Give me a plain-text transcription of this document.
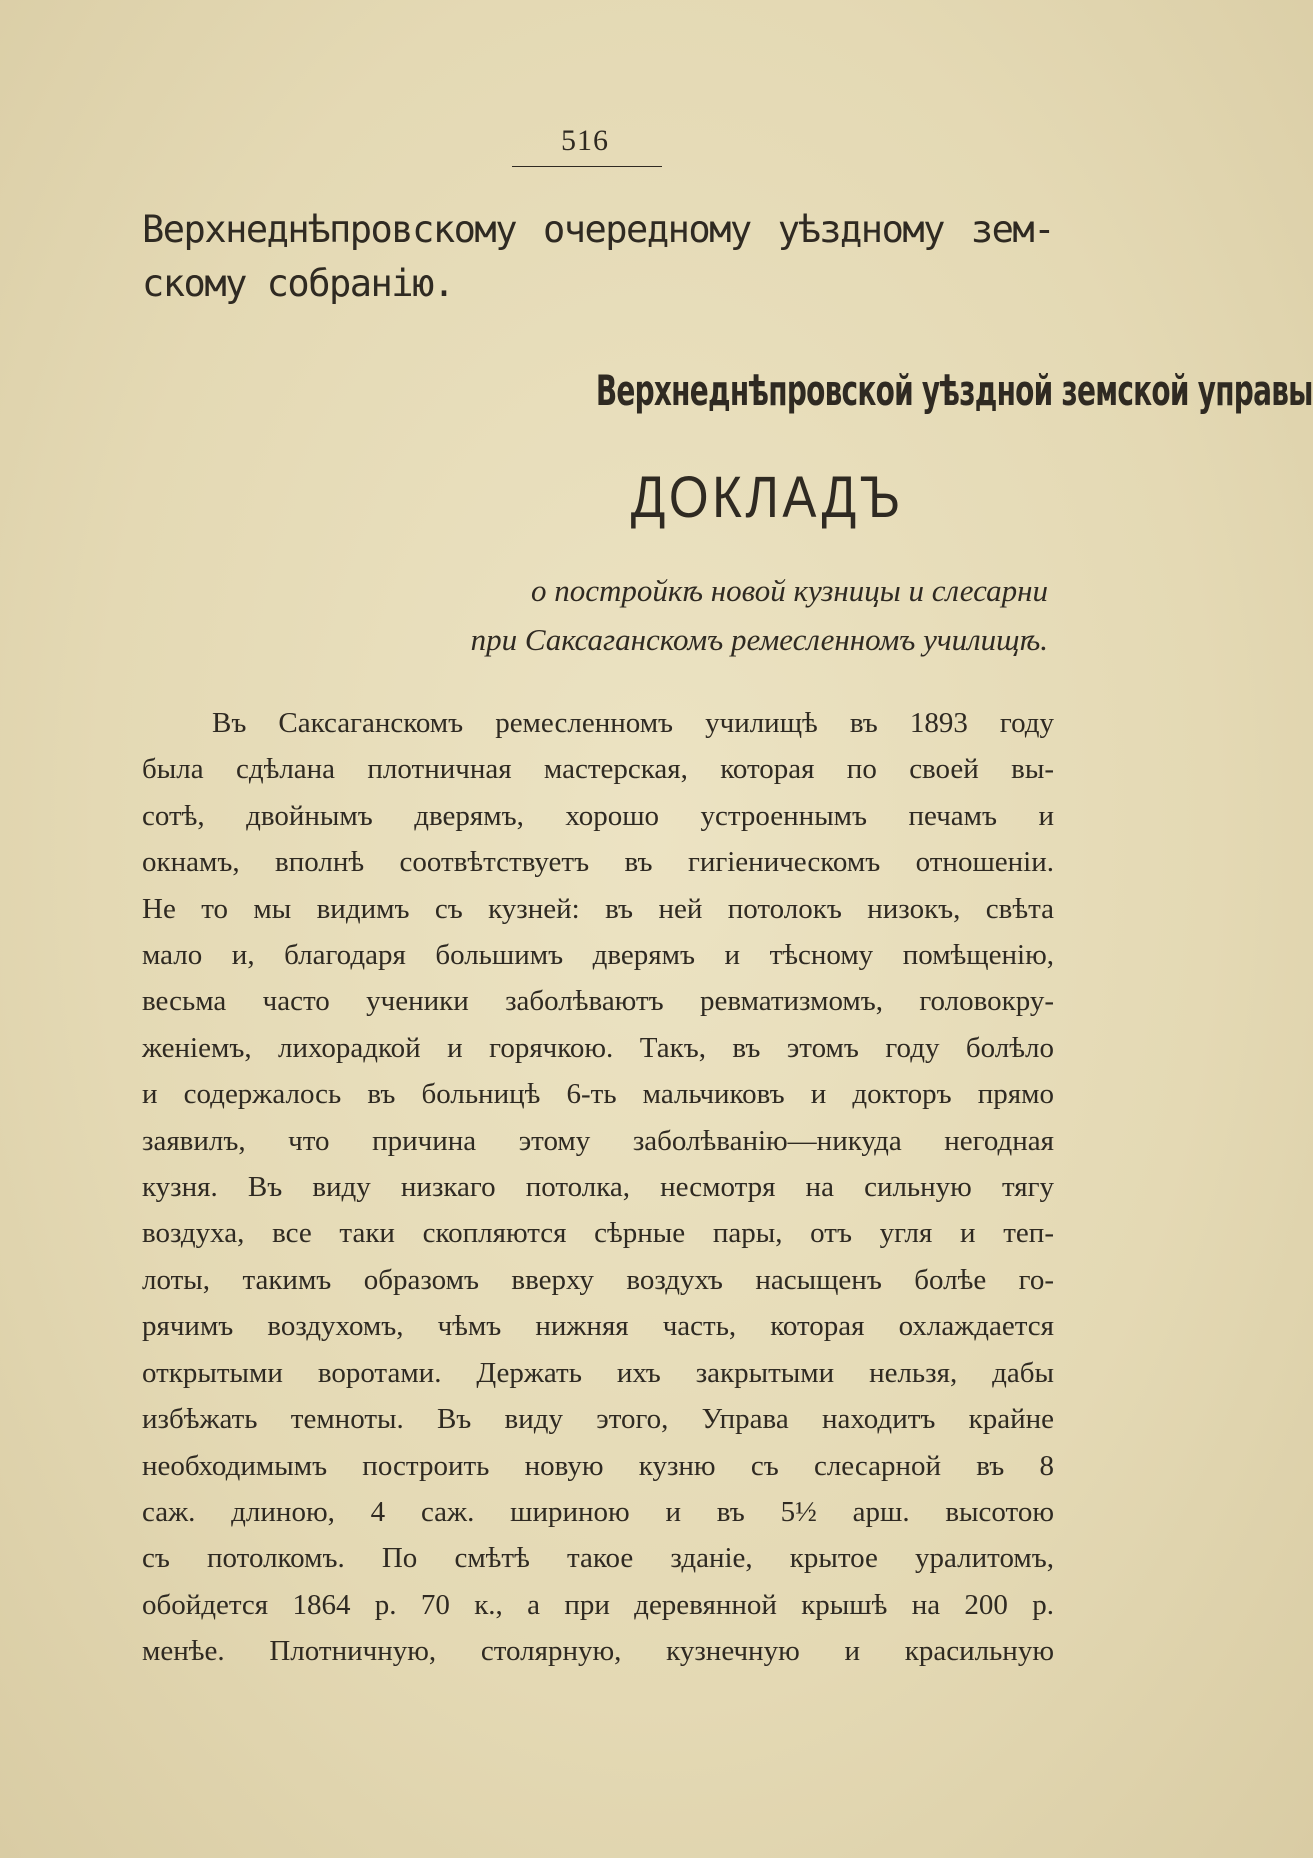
516
Верхнеднѣпровскому очередному уѣздному зем-
скому собранію.
Верхнеднѣпровской уѣздной земской управы
ДОКЛАДЪ
о постройкѣ новой кузницы и слесарни
при Саксаганскомъ ремесленномъ училищѣ.
Въ Саксаганскомъ ремесленномъ училищѣ въ 1893 году
была сдѣлана плотничная мастерская, которая по своей вы-
сотѣ, двойнымъ дверямъ, хорошо устроеннымъ печамъ и
окнамъ, вполнѣ соотвѣтствуетъ въ гигіеническомъ отношеніи.
Не то мы видимъ съ кузней: въ ней потолокъ низокъ, свѣта
мало и, благодаря большимъ дверямъ и тѣсному помѣщенію,
весьма часто ученики заболѣваютъ ревматизмомъ, головокру-
женіемъ, лихорадкой и горячкою. Такъ, въ этомъ году болѣло
и содержалось въ больницѣ 6-ть мальчиковъ и докторъ прямо
заявилъ, что причина этому заболѣванію—никуда негодная
кузня. Въ виду низкаго потолка, несмотря на сильную тягу
воздуха, все таки скопляются сѣрные пары, отъ угля и теп-
лоты, такимъ образомъ вверху воздухъ насыщенъ болѣе го-
рячимъ воздухомъ, чѣмъ нижняя часть, которая охлаждается
открытыми воротами. Держать ихъ закрытыми нельзя, дабы
избѣжать темноты. Въ виду этого, Управа находитъ крайне
необходимымъ построить новую кузню съ слесарной въ 8
саж. длиною, 4 саж. шириною и въ 5½ арш. высотою
съ потолкомъ. По смѣтѣ такое зданіе, крытое уралитомъ,
обойдется 1864 р. 70 к., а при деревянной крышѣ на 200 р.
менѣе. Плотничную, столярную, кузнечную и красильную
